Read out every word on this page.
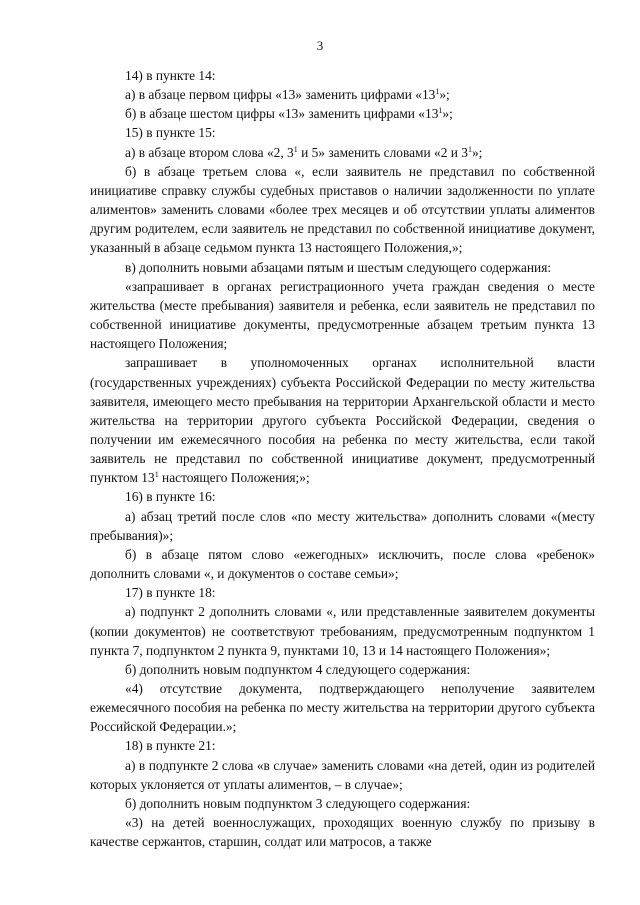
3

14) в пункте 14:

а) в абзаце первом цифры «13» заменить цифрами «$13^1$»;

б) в абзаце шестом цифры «13» заменить цифрами «$13^1$»;

15) в пункте 15:

а) в абзаце втором слова «2, $3^1$ и 5» заменить словами «2 и $3^1$»;

б) в абзаце третьем слова «, если заявитель не представил по собственной инициативе справку службы судебных приставов о наличии задолженности по уплате алиментов» заменить словами «более трех месяцев и об отсутствии уплаты алиментов другим родителем, если заявитель не представил по собственной инициативе документ, указанный в абзаце седьмом пункта 13 настоящего Положения,»;

в) дополнить новыми абзацами пятым и шестым следующего содержания:

«запрашивает в органах регистрационного учета граждан сведения о месте жительства (месте пребывания) заявителя и ребенка, если заявитель не представил по собственной инициативе документы, предусмотренные абзацем третьим пункта 13 настоящего Положения;

запрашивает в уполномоченных органах исполнительной власти (государственных учреждениях) субъекта Российской Федерации по месту жительства заявителя, имеющего место пребывания на территории Архангельской области и место жительства на территории другого субъекта Российской Федерации, сведения о получении им ежемесячного пособия на ребенка по месту жительства, если такой заявитель не представил по собственной инициативе документ, предусмотренный пунктом $13^1$ настоящего Положения;»;

16) в пункте 16:

а) абзац третий после слов «по месту жительства» дополнить словами «(месту пребывания)»;

б) в абзаце пятом слово «ежегодных» исключить, после слова «ребенок» дополнить словами «, и документов о составе семьи»;

17) в пункте 18:

а) подпункт 2 дополнить словами «, или представленные заявителем документы (копии документов) не соответствуют требованиям, предусмотренным подпунктом 1 пункта 7, подпунктом 2 пункта 9, пунктами 10, 13 и 14 настоящего Положения»;

б) дополнить новым подпунктом 4 следующего содержания:

«4) отсутствие документа, подтверждающего неполучение заявителем ежемесячного пособия на ребенка по месту жительства на территории другого субъекта Российской Федерации.»;

18) в пункте 21:

а) в подпункте 2 слова «в случае» заменить словами «на детей, один из родителей которых уклоняется от уплаты алиментов, – в случае»;

б) дополнить новым подпунктом 3 следующего содержания:

«3) на детей военнослужащих, проходящих военную службу по призыву в качестве сержантов, старшин, солдат или матросов, а также
